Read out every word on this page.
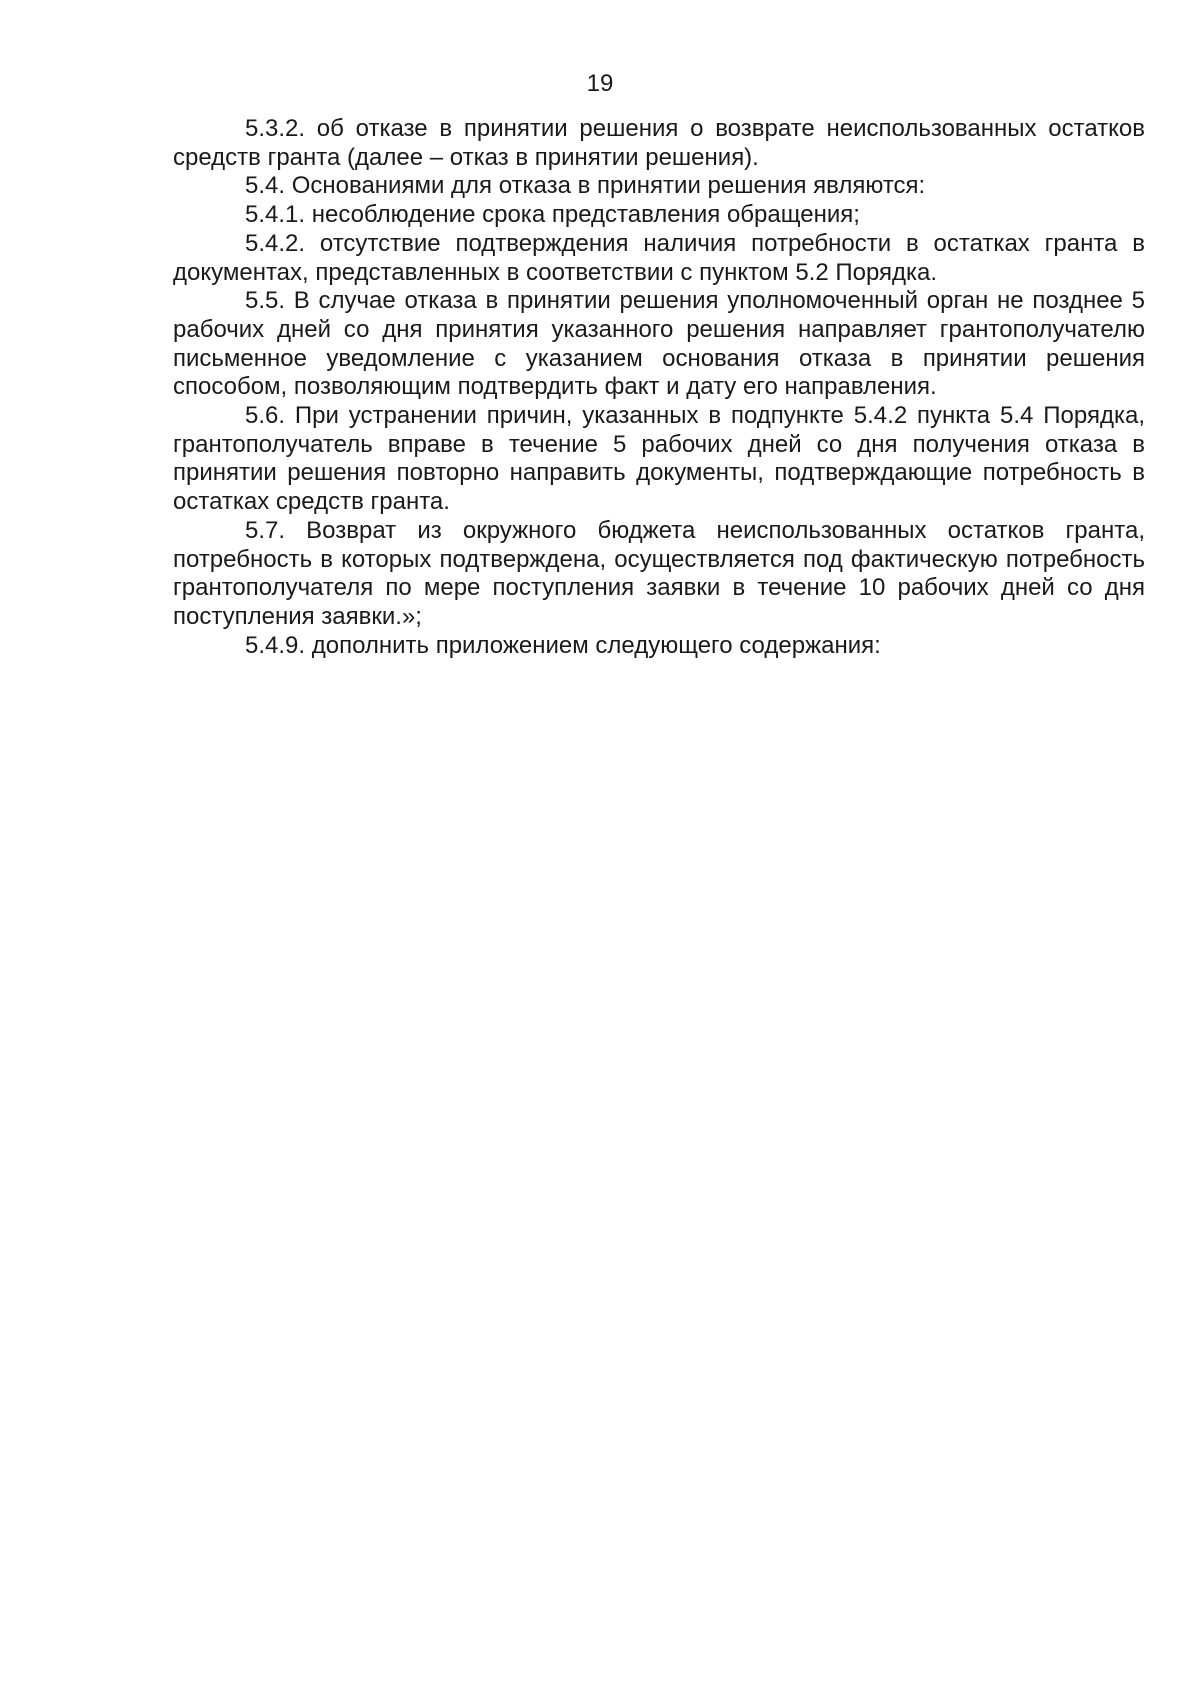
19

5.3.2. об отказе в принятии решения о возврате неиспользованных остатков средств гранта (далее – отказ в принятии решения).

5.4. Основаниями для отказа в принятии решения являются:

5.4.1. несоблюдение срока представления обращения;

5.4.2. отсутствие подтверждения наличия потребности в остатках гранта в документах, представленных в соответствии с пунктом 5.2 Порядка.

5.5. В случае отказа в принятии решения уполномоченный орган не позднее 5 рабочих дней со дня принятия указанного решения направляет грантополучателю письменное уведомление с указанием основания отказа в принятии решения способом, позволяющим подтвердить факт и дату его направления.

5.6. При устранении причин, указанных в подпункте 5.4.2 пункта 5.4 Порядка, грантополучатель вправе в течение 5 рабочих дней со дня получения отказа в принятии решения повторно направить документы, подтверждающие потребность в остатках средств гранта.

5.7. Возврат из окружного бюджета неиспользованных остатков гранта, потребность в которых подтверждена, осуществляется под фактическую потребность грантополучателя по мере поступления заявки в течение 10 рабочих дней со дня поступления заявки.»;

5.4.9. дополнить приложением следующего содержания:
